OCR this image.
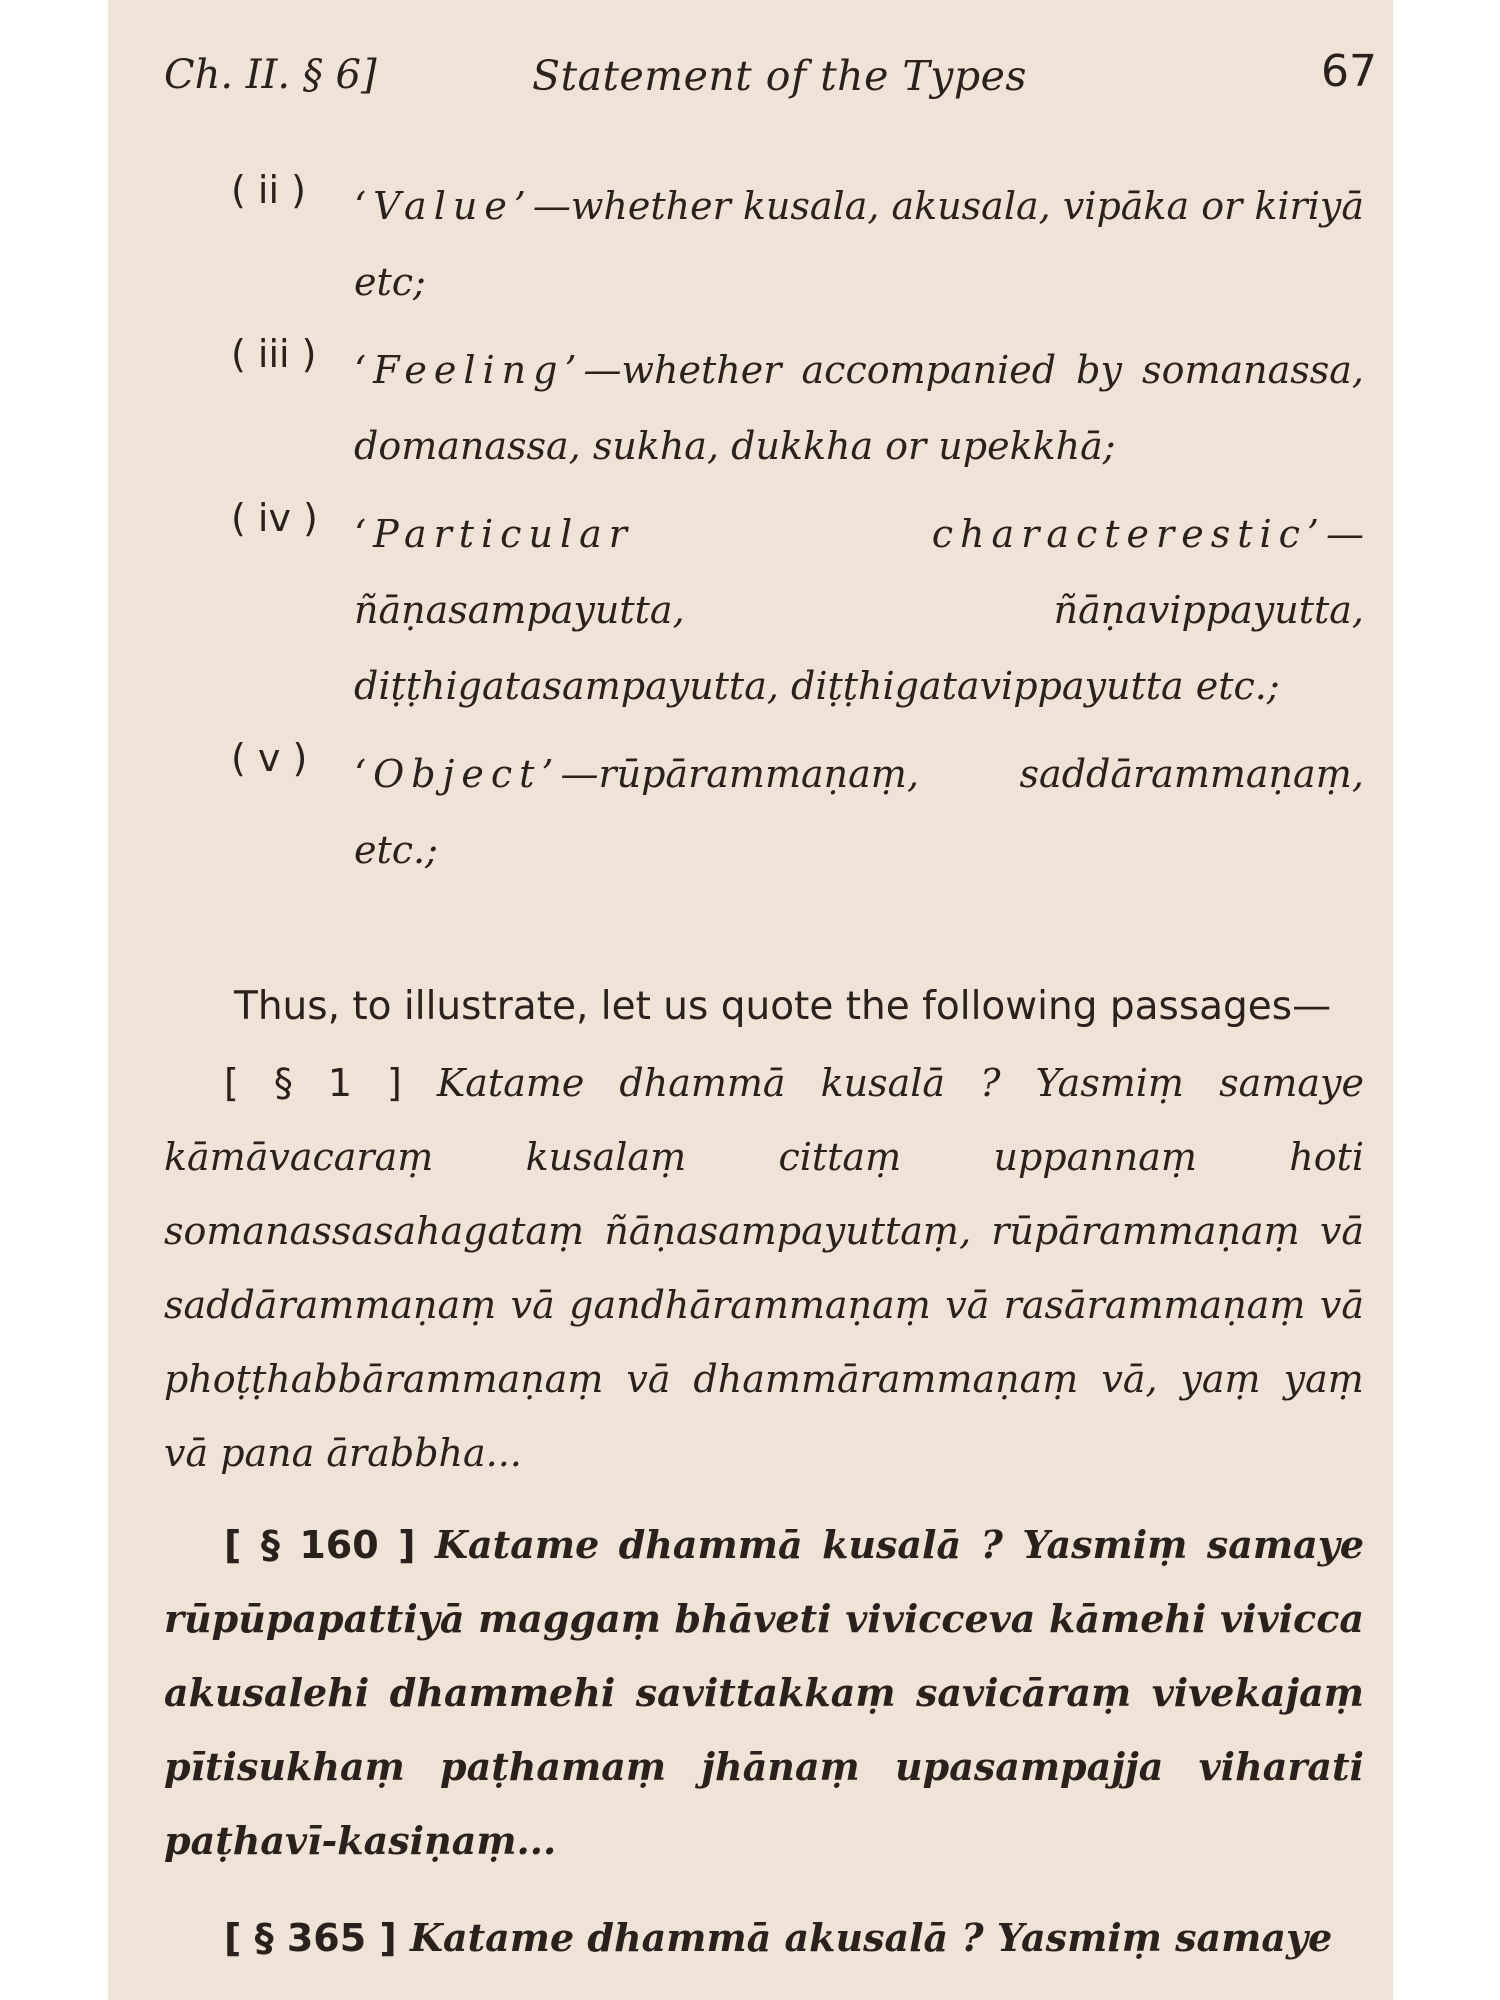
Ch. II. § 6]	Statement of the Types	67
( ii ) ‘Value’—whether kusala, akusala, vipāka or kiriyā etc;
( iii ) ‘Feeling’—whether accompanied by somanassa, domanassa, sukha, dukkha or upekkhā;
( iv ) ‘Particular characterestic’— ñāṇasampayutta, ñāṇavippayutta, diṭṭhigatasampayutta, diṭṭhigatavippayutta etc.;
( v ) ‘Object’—rūpārammaṇaṃ, saddārammaṇaṃ, etc.;
Thus, to illustrate, let us quote the following passages—
[ § 1 ] Katame dhammā kusalā ? Yasmiṃ samaye kāmāvacaraṃ kusalaṃ cittaṃ uppannaṃ hoti somanassasahagataṃ ñāṇasampayuttaṃ, rūpārammaṇaṃ vā saddārammaṇaṃ vā gandhārammaṇaṃ vā rasārammaṇaṃ vā phoṭṭhabbārammaṇaṃ vā dhammārammaṇaṃ vā, yaṃ yaṃ vā pana ārabbha...
[ § 160 ] Katame dhammā kusalā ? Yasmiṃ samaye rūpūpapattiyā maggaṃ bhāveti vivicceva kāmehi vivicca akusalehi dhammehi savittakkaṃ savicāraṃ vivekajaṃ pītisukhaṃ paṭhamaṃ jhānaṃ upasampajja viharati paṭhavī-kasiṇaṃ...
[ § 365 ] Katame dhammā akusalā ? Yasmiṃ samaye
